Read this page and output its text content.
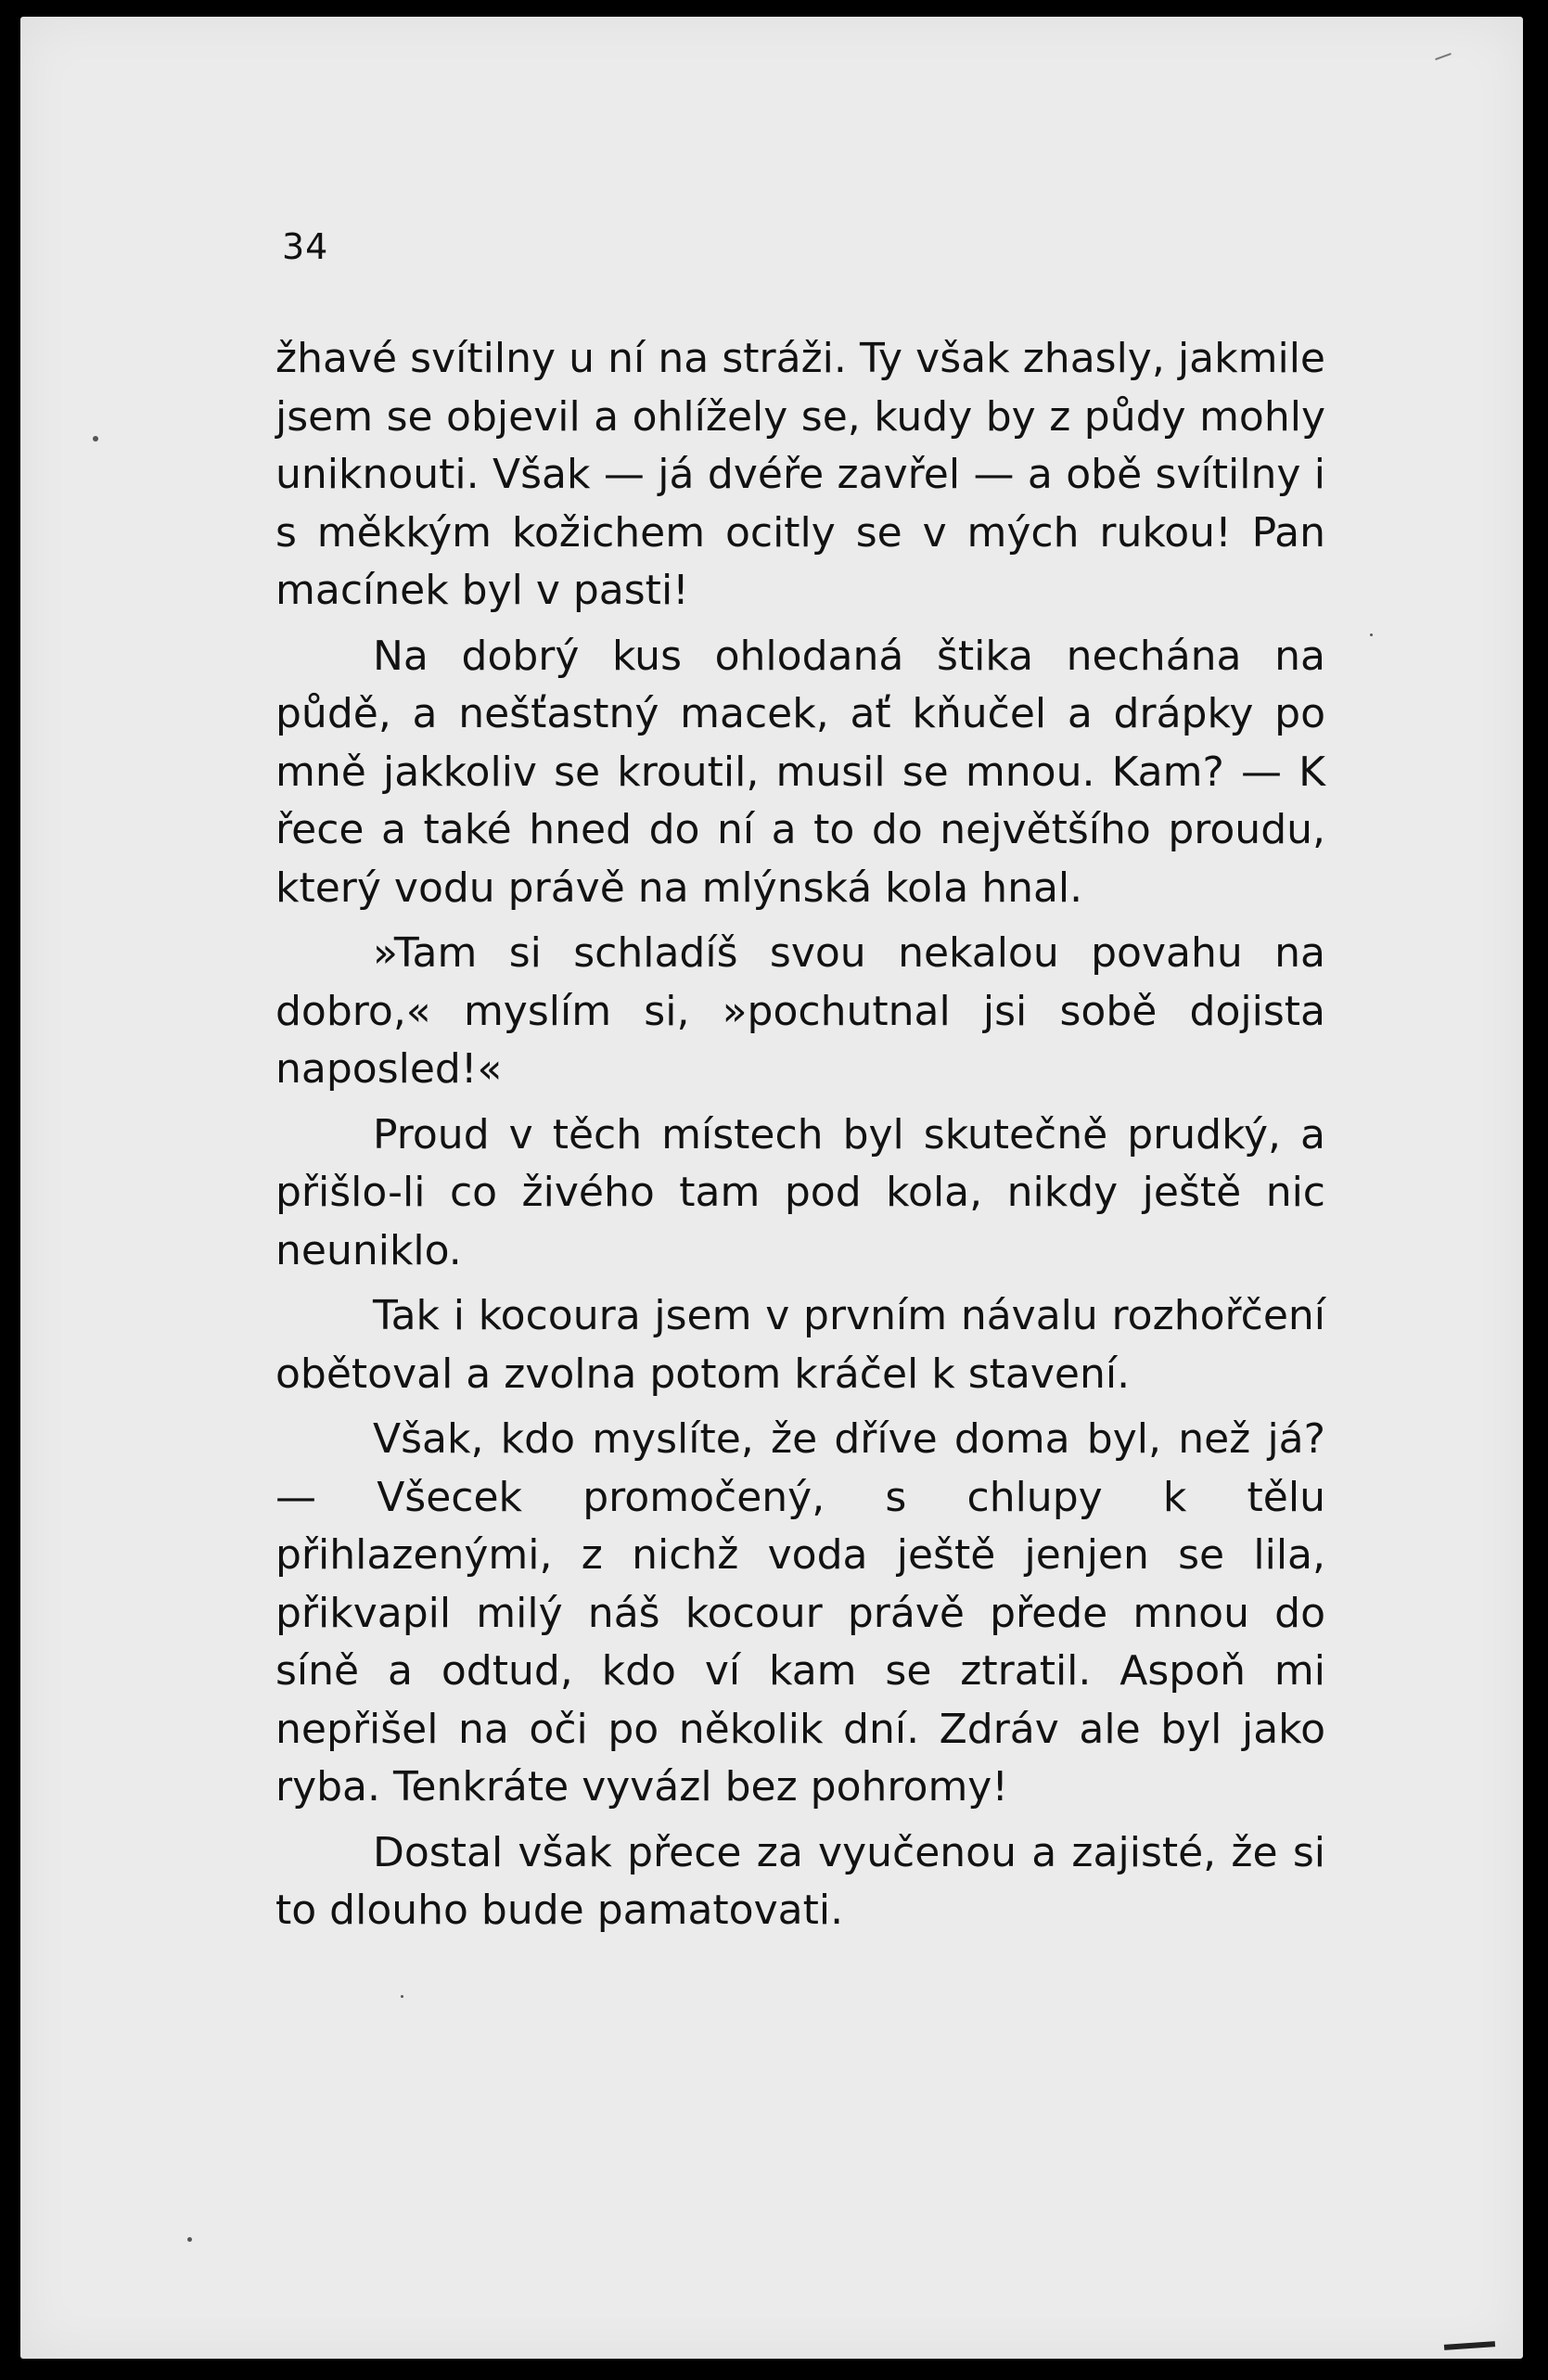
34

žhavé svítilny u ní na stráži. Ty však zhasly, jakmile jsem se objevil a ohlížely se, kudy by z půdy mohly uniknouti. Však — já dvéře zavřel — a obě svítilny i s měkkým kožichem ocitly se v mých rukou! Pan macínek byl v pasti!

Na dobrý kus ohlodaná štika nechána na půdě, a nešťastný macek, ať kňučel a drápky po mně jakkoliv se kroutil, musil se mnou. Kam? — K řece a také hned do ní a to do největšího proudu, který vodu právě na mlýnská kola hnal.

»Tam si schladíš svou nekalou povahu na dobro,« myslím si, »pochutnal jsi sobě dojista naposled!«

Proud v těch místech byl skutečně prudký, a přišlo-li co živého tam pod kola, nikdy ještě nic neuniklo.

Tak i kocoura jsem v prvním návalu rozhořčení obětoval a zvolna potom kráčel k stavení.

Však, kdo myslíte, že dříve doma byl, než já? — Všecek promočený, s chlupy k tělu přihlazenými, z nichž voda ještě jenjen se lila, přikvapil milý náš kocour právě přede mnou do síně a odtud, kdo ví kam se ztratil. Aspoň mi nepřišel na oči po několik dní. Zdráv ale byl jako ryba. Tenkráte vyvázl bez pohromy!

Dostal však přece za vyučenou a zajisté, že si to dlouho bude pamatovati.
